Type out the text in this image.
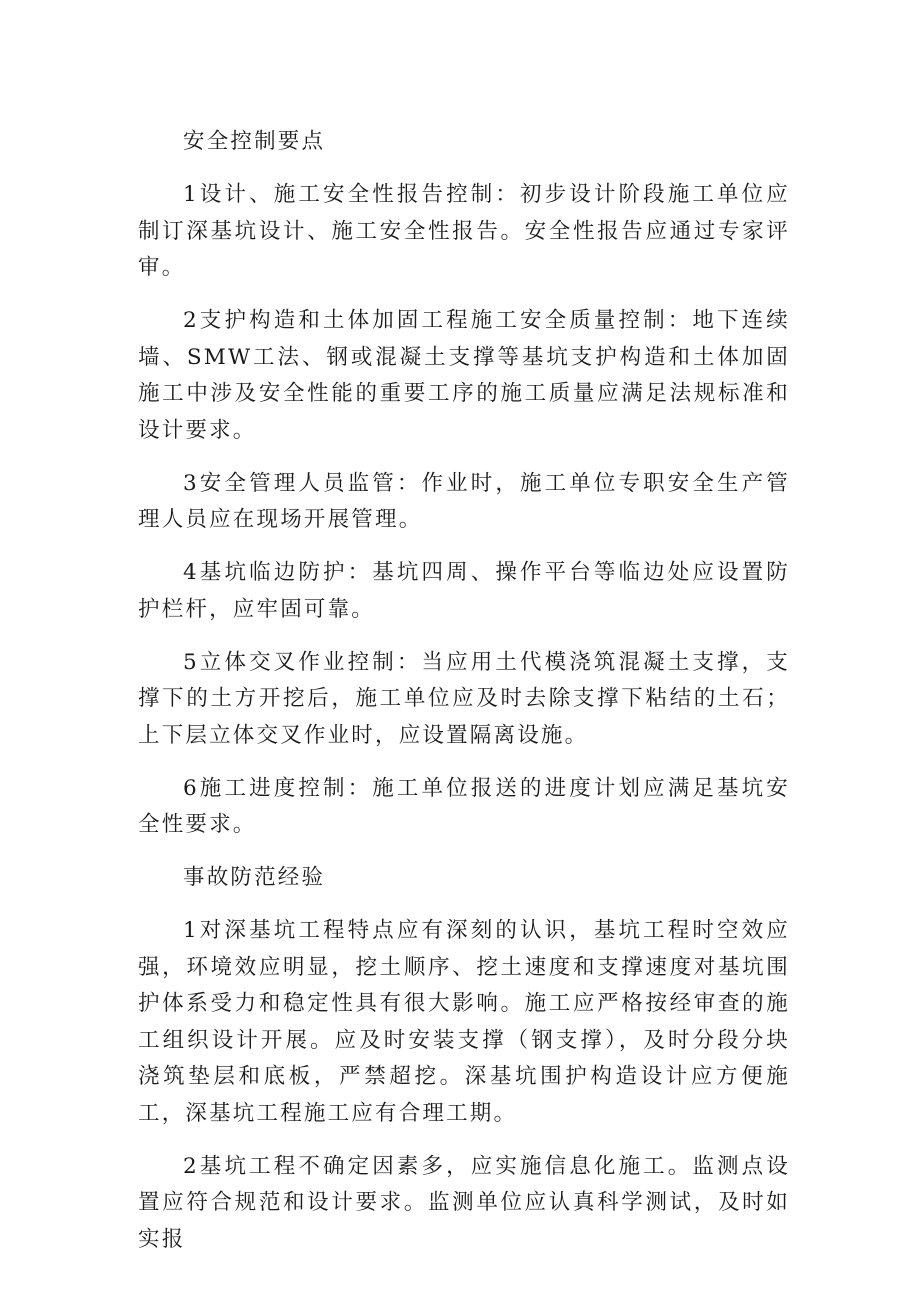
安全控制要点

1设计、施工安全性报告控制：初步设计阶段施工单位应制订深基坑设计、施工安全性报告。安全性报告应通过专家评审。

2支护构造和土体加固工程施工安全质量控制：地下连续墙、SMW工法、钢或混凝土支撑等基坑支护构造和土体加固施工中涉及安全性能的重要工序的施工质量应满足法规标准和设计要求。

3安全管理人员监管：作业时，施工单位专职安全生产管理人员应在现场开展管理。

4基坑临边防护：基坑四周、操作平台等临边处应设置防护栏杆，应牢固可靠。

5立体交叉作业控制：当应用土代模浇筑混凝土支撑，支撑下的土方开挖后，施工单位应及时去除支撑下粘结的土石；上下层立体交叉作业时，应设置隔离设施。

6施工进度控制：施工单位报送的进度计划应满足基坑安全性要求。

事故防范经验

1对深基坑工程特点应有深刻的认识，基坑工程时空效应强，环境效应明显，挖土顺序、挖土速度和支撑速度对基坑围护体系受力和稳定性具有很大影响。施工应严格按经审查的施工组织设计开展。应及时安装支撑（钢支撑），及时分段分块浇筑垫层和底板，严禁超挖。深基坑围护构造设计应方便施工，深基坑工程施工应有合理工期。

2基坑工程不确定因素多，应实施信息化施工。监测点设置应符合规范和设计要求。监测单位应认真科学测试，及时如实报
